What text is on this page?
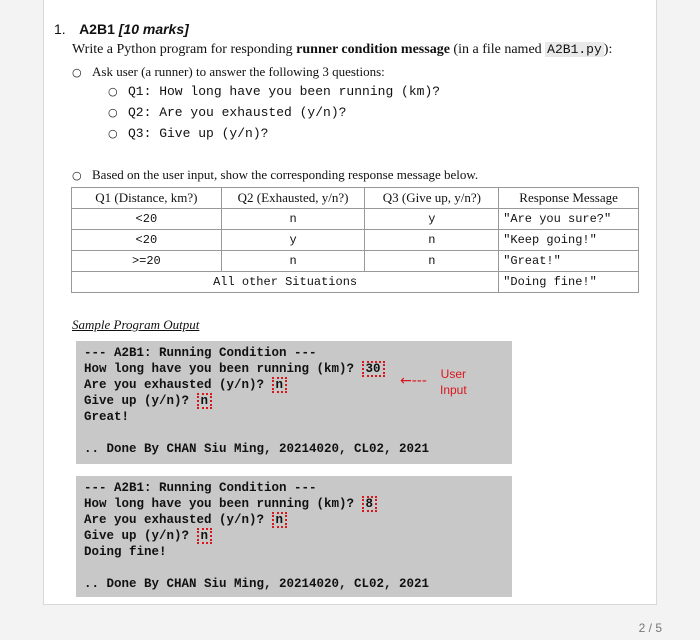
1. A2B1 [10 marks]
Write a Python program for responding runner condition message (in a file named A2B1.py ):
○ Ask user (a runner) to answer the following 3 questions:
○ Q1: How long have you been running (km)?
○ Q2: Are you exhausted (y/n)?
○ Q3: Give up (y/n)?
○ Based on the user input, show the corresponding response message below.
Q1 (Distance, km?)	Q2 (Exhausted, y/n?)	Q3 (Give up, y/n?)	Response Message
<20	n	y	"Are you sure?"
<20	y	n	"Keep going!"
>=20	n	n	"Great!"
All other Situations			"Doing fine!"
Sample Program Output
--- A2B1: Running Condition ---
How long have you been running (km)? 30
Are you exhausted (y/n)? n
Give up (y/n)? n
Great!
.. Done By CHAN Siu Ming, 20214020, CL02, 2021
←--- User
Input
--- A2B1: Running Condition ---
How long have you been running (km)? 8
Are you exhausted (y/n)? n
Give up (y/n)? n
Doing fine!
.. Done By CHAN Siu Ming, 20214020, CL02, 2021
2 / 5
